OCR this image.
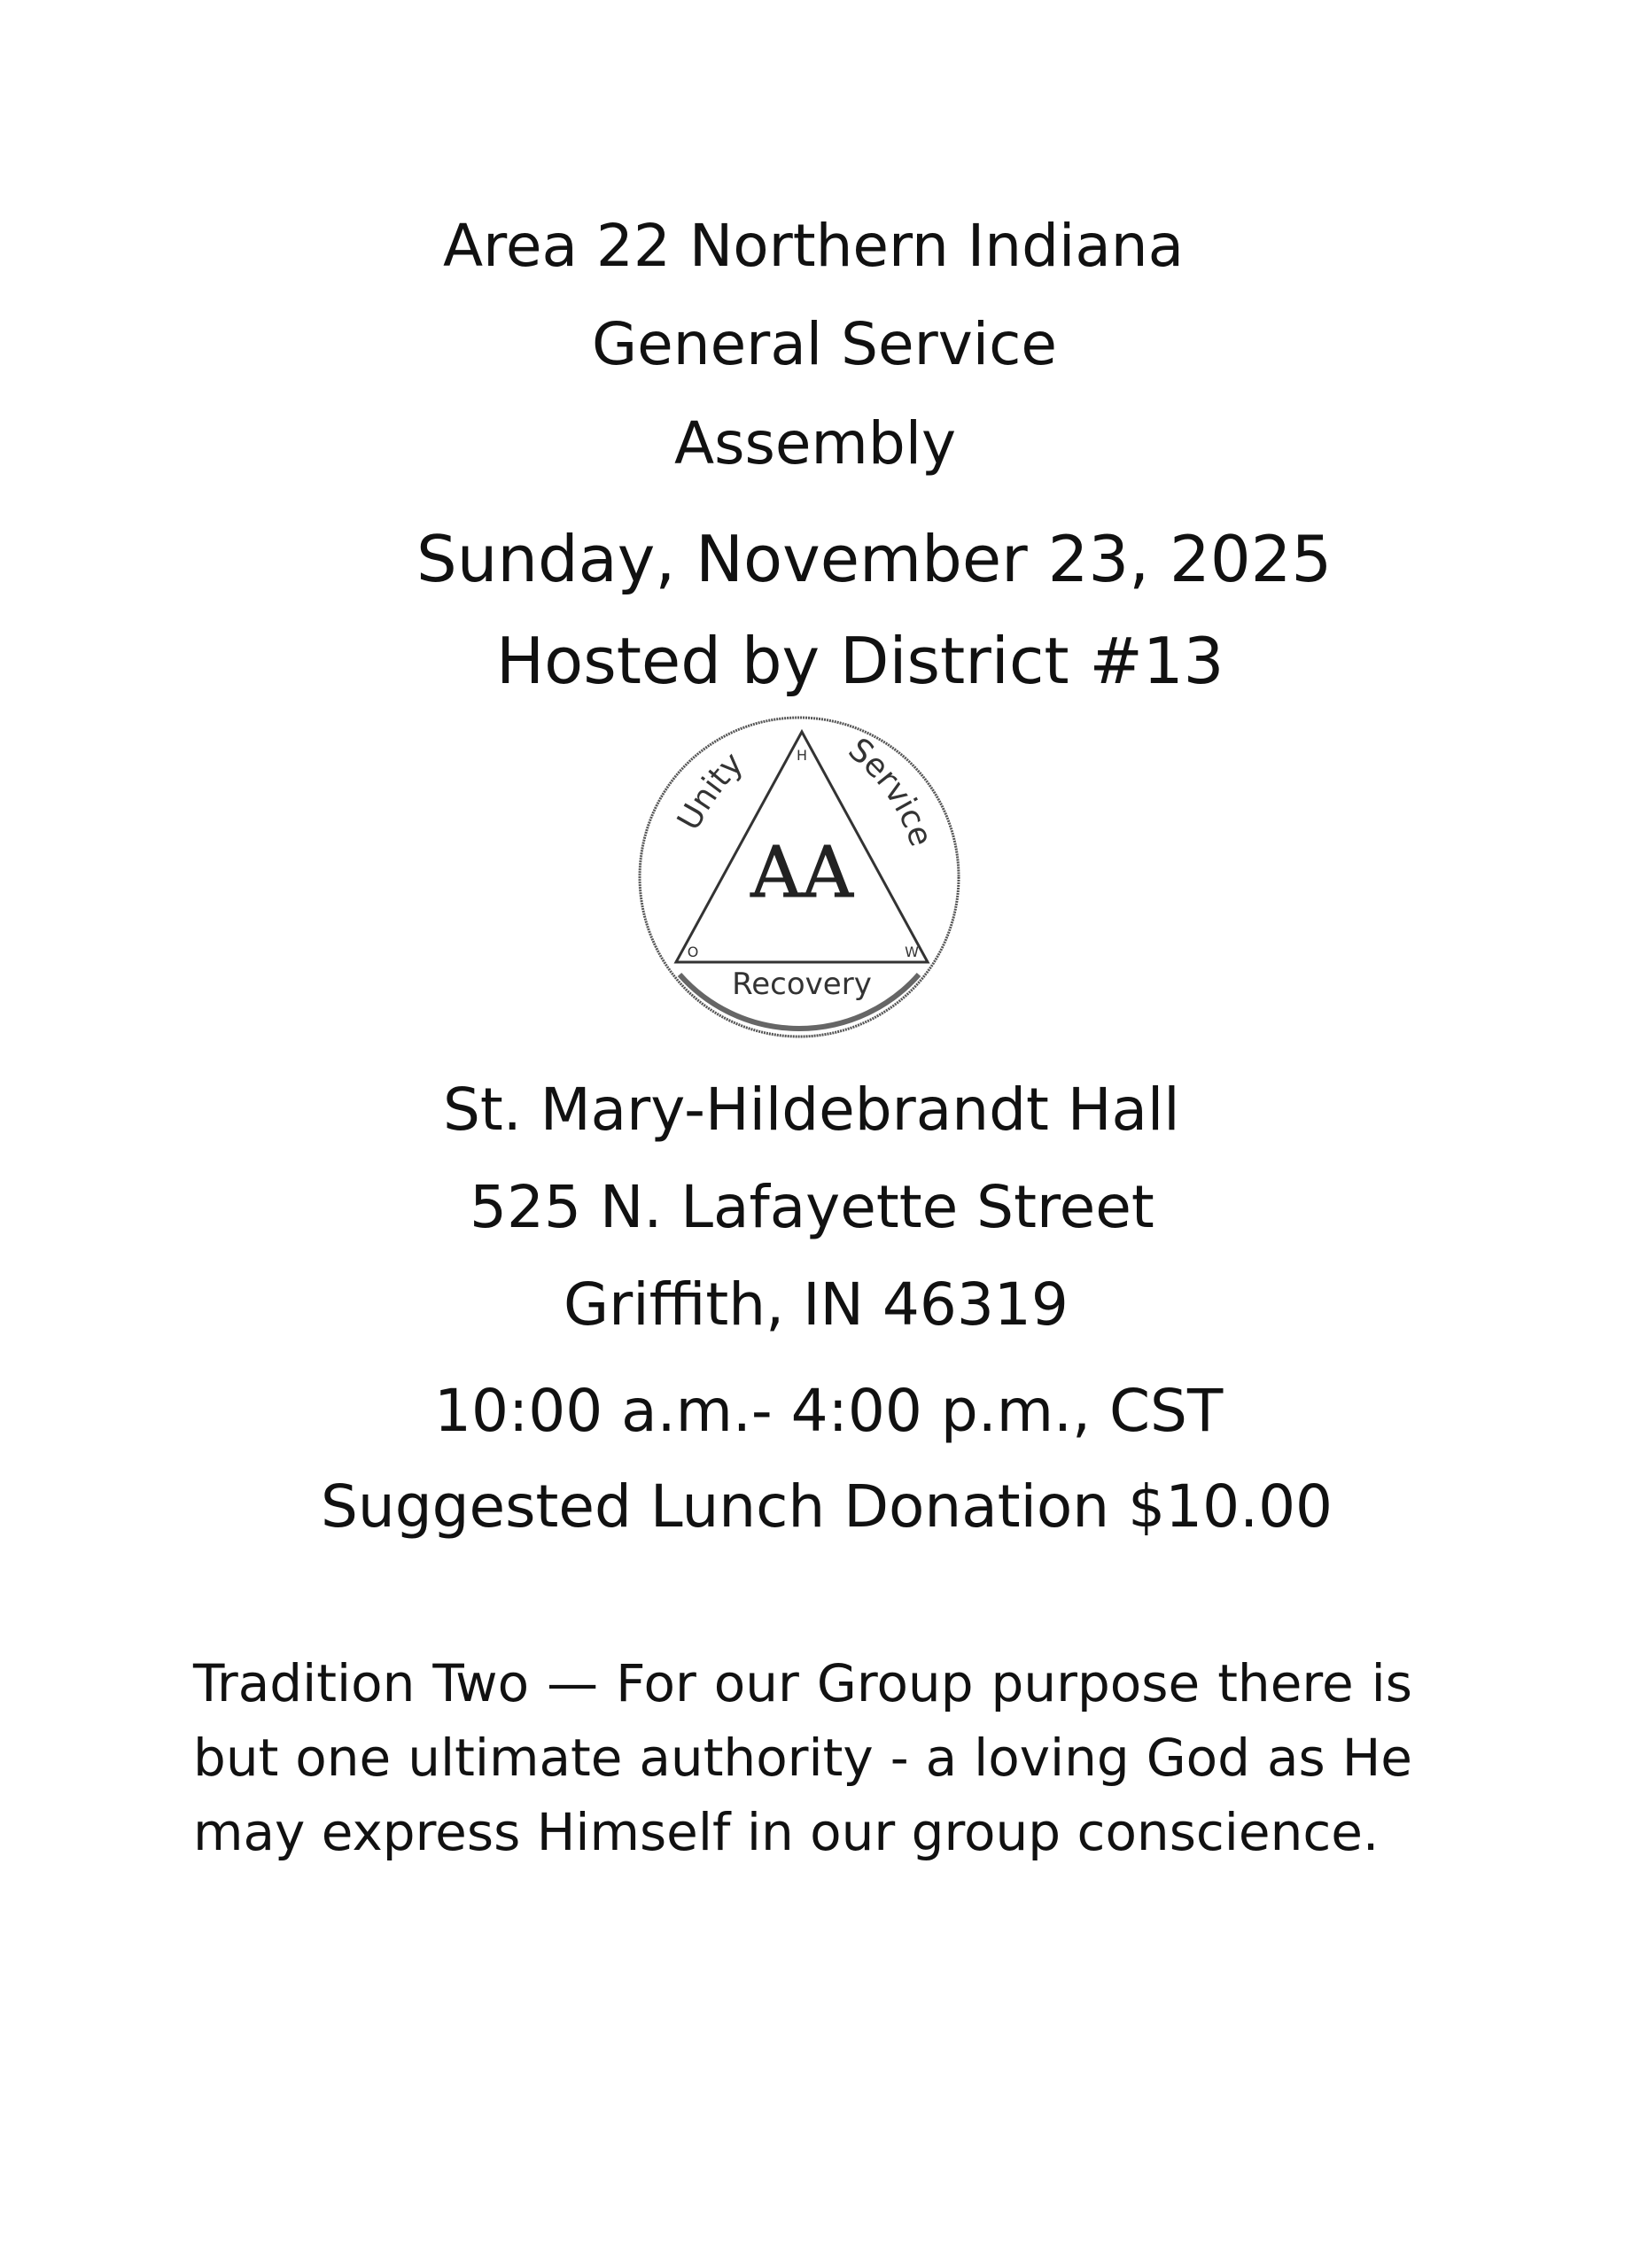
Area 22 Northern Indiana
General Service
Assembly
Sunday, November 23, 2025
Hosted by District #13
H
O	W
Unity	Service
AA
Recovery
St. Mary-Hildebrandt Hall
525 N. Lafayette Street
Griffith, IN 46319
10:00 a.m.- 4:00 p.m., CST
Suggested Lunch Donation $10.00
Tradition Two — For our Group purpose there is but one ultimate authority - a loving God as He may express Himself in our group conscience.
